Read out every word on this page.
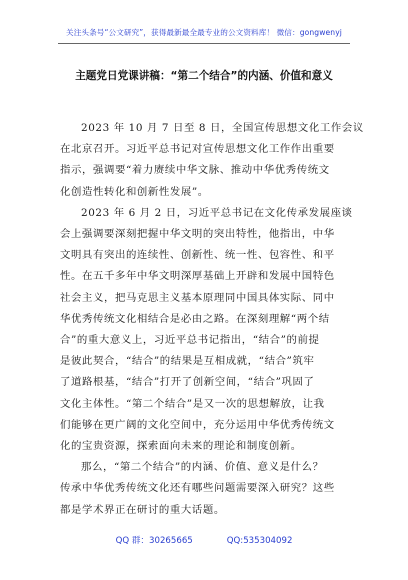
关注头条号“公文研究”，获得最新最全最专业的公文资料库！ 微信：gongwenyj
主题党日党课讲稿：“第二个结合”的内涵、价值和意义

2023 年 10 月 7 日至 8 日，全国宣传思想文化工作会议
在北京召开。习近平总书记对宣传思想文化工作作出重要
指示，强调要“着力赓续中华文脉、推动中华优秀传统文
化创造性转化和创新性发展”。

2023 年 6 月 2 日，习近平总书记在文化传承发展座谈
会上强调要深刻把握中华文明的突出特性，他指出，中华
文明具有突出的连续性、创新性、统一性、包容性、和平
性。在五千多年中华文明深厚基础上开辟和发展中国特色
社会主义，把马克思主义基本原理同中国具体实际、同中
华优秀传统文化相结合是必由之路。在深刻理解“两个结
合”的重大意义上，习近平总书记指出，“结合”的前提
是彼此契合，“结合”的结果是互相成就，“结合”筑牢
了道路根基，“结合”打开了创新空间，“结合”巩固了
文化主体性。“第二个结合”是又一次的思想解放，让我
们能够在更广阔的文化空间中，充分运用中华优秀传统文
化的宝贵资源，探索面向未来的理论和制度创新。

那么，“第二个结合”的内涵、价值、意义是什么？
传承中华优秀传统文化还有哪些问题需要深入研究？这些
都是学术界正在研讨的重大话题。

QQ 群：30265665	QQ:535304092
